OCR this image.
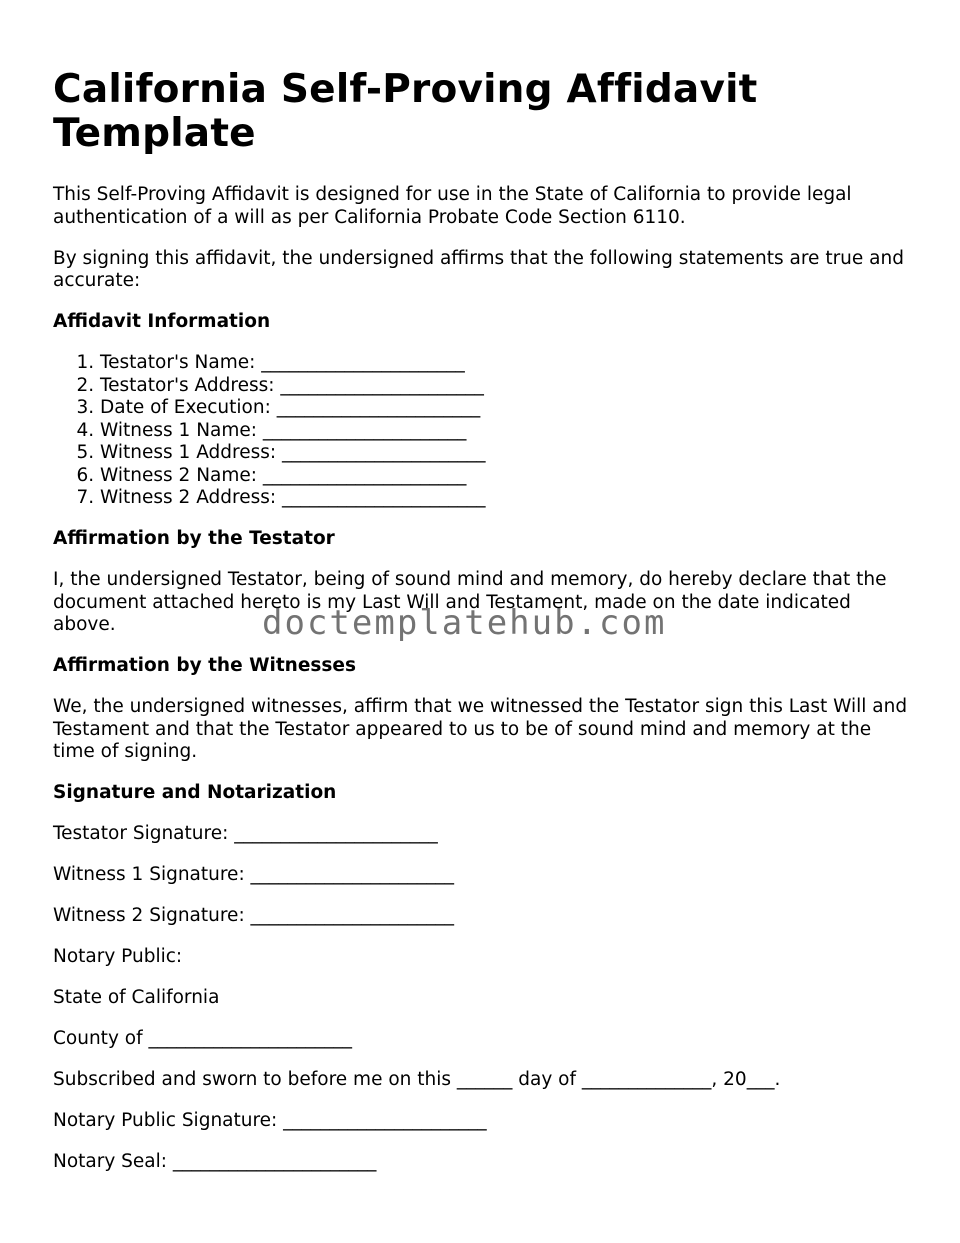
California Self-Proving Affidavit Template

This Self-Proving Affidavit is designed for use in the State of California to provide legal authentication of a will as per California Probate Code Section 6110.

By signing this affidavit, the undersigned affirms that the following statements are true and accurate:

Affidavit Information
1. Testator's Name: ______________________
2. Testator's Address: ______________________
3. Date of Execution: ______________________
4. Witness 1 Name: ______________________
5. Witness 1 Address: ______________________
6. Witness 2 Name: ______________________
7. Witness 2 Address: ______________________
Affirmation by the Testator

I, the undersigned Testator, being of sound mind and memory, do hereby declare that the document attached hereto is my Last Will and Testament, made on the date indicated above.

Affirmation by the Witnesses

We, the undersigned witnesses, affirm that we witnessed the Testator sign this Last Will and Testament and that the Testator appeared to us to be of sound mind and memory at the time of signing.

Signature and Notarization

Testator Signature: ______________________

Witness 1 Signature: ______________________

Witness 2 Signature: ______________________

Notary Public:

State of California

County of ______________________

Subscribed and sworn to before me on this ______ day of ______________, 20___.

Notary Public Signature: ______________________

Notary Seal: ______________________

doctemplatehub.com
